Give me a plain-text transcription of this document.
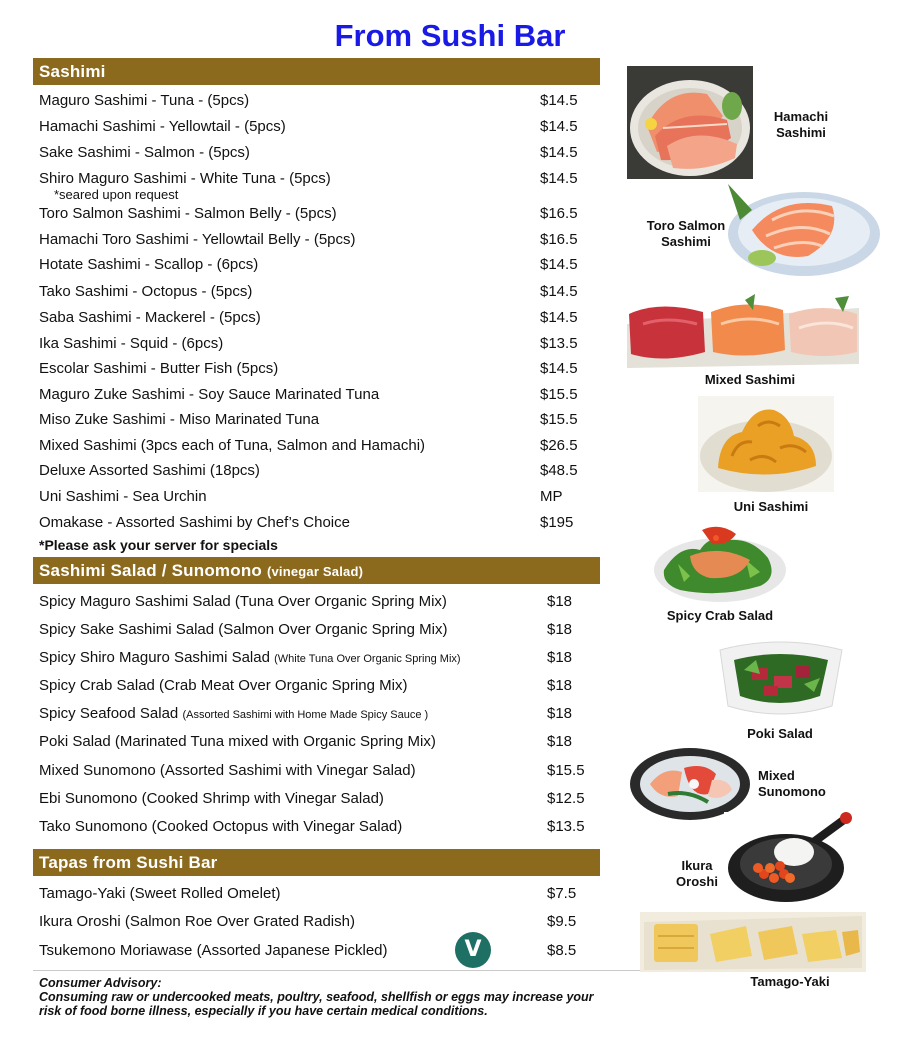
From Sushi Bar
Sashimi
Maguro Sashimi - Tuna - (5pcs)	$14.5
Hamachi Sashimi - Yellowtail - (5pcs)	$14.5
Sake Sashimi - Salmon - (5pcs)	$14.5
Shiro Maguro Sashimi - White Tuna - (5pcs)	$14.5
*seared upon request
Toro Salmon Sashimi - Salmon Belly - (5pcs)	$16.5
Hamachi Toro Sashimi - Yellowtail Belly - (5pcs)	$16.5
Hotate Sashimi - Scallop - (6pcs)	$14.5
Tako Sashimi - Octopus - (5pcs)	$14.5
Saba Sashimi - Mackerel - (5pcs)	$14.5
Ika Sashimi - Squid - (6pcs)	$13.5
Escolar Sashimi - Butter Fish (5pcs)	$14.5
Maguro Zuke Sashimi - Soy Sauce Marinated Tuna	$15.5
Miso Zuke Sashimi - Miso Marinated Tuna	$15.5
Mixed Sashimi (3pcs each of Tuna, Salmon and Hamachi)	$26.5
Deluxe Assorted Sashimi (18pcs)	$48.5
Uni Sashimi - Sea Urchin	MP
Omakase - Assorted Sashimi by Chef’s Choice	$195
*Please ask your server for specials
Sashimi Salad / Sunomono (vinegar Salad)
Spicy Maguro Sashimi Salad (Tuna Over Organic Spring Mix)	$18
Spicy Sake Sashimi Salad (Salmon Over Organic Spring Mix)	$18
Spicy Shiro Maguro Sashimi Salad (White Tuna Over Organic Spring Mix)	$18
Spicy Crab Salad (Crab Meat Over Organic Spring Mix)	$18
Spicy Seafood Salad (Assorted Sashimi with Home Made Spicy Sauce )	$18
Poki Salad (Marinated Tuna mixed with Organic Spring Mix)	$18
Mixed Sunomono (Assorted Sashimi with Vinegar Salad)	$15.5
Ebi Sunomono (Cooked Shrimp with Vinegar Salad)	$12.5
Tako Sunomono (Cooked Octopus with Vinegar Salad)	$13.5
Tapas from Sushi Bar
Tamago-Yaki (Sweet Rolled Omelet)	$7.5
Ikura Oroshi (Salmon Roe Over Grated Radish)	$9.5
Tsukemono Moriawase (Assorted Japanese Pickled)	$8.5
V
Consumer Advisory:
Consuming raw or undercooked meats, poultry, seafood, shellfish or eggs may increase your
risk of food borne illness, especially if you have certain medical conditions.
Hamachi
Sashimi
Toro Salmon
Sashimi
Mixed Sashimi
Uni Sashimi
Spicy Crab Salad
Poki Salad
Mixed
Sunomono
Ikura
Oroshi
Tamago-Yaki
